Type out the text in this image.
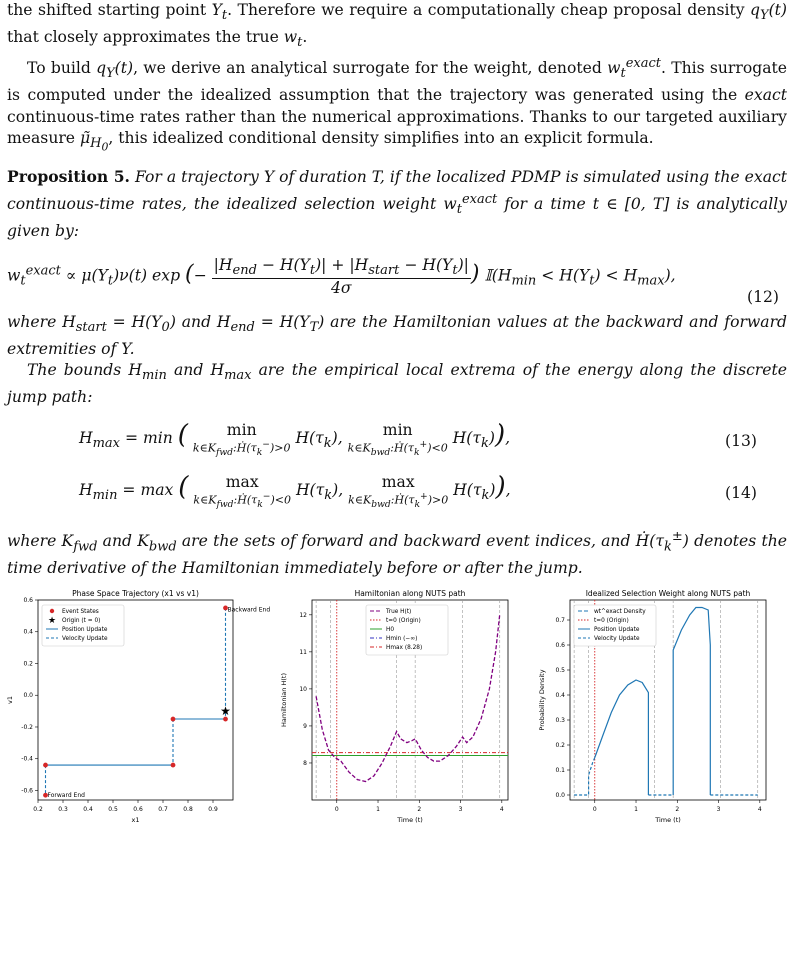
the shifted starting point $Y_t$. Therefore we require a computationally cheap proposal density $q_Y(t)$ that closely approximates the true $w_t$.

To build $q_Y(t)$, we derive an analytical surrogate for the weight, denoted $w_t^{exact}$. This surrogate is computed under the idealized assumption that the trajectory was generated using the exact continuous-time rates rather than the numerical approximations. Thanks to our targeted auxiliary measure $\mũ_{H_0}$, this idealized conditional density simplifies into an explicit formula.

Proposition 5. For a trajectory Y of duration T, if the localized PDMP is simulated using the exact continuous-time rates, the idealized selection weight $w_t^{exact}$ for a time t ∈ [0, T] is analytically given by:

$w_t^{exact} \propto \mu(Y_t)\nu(t)$ exp (−
$|H_{end} - H(Y_t)| + |H_{start} - H(Y_t)|$
4σ
) $𝕀(H_{min} < H(Y_t) < H_{max})$,
(12)

where $H_{start} = H(Y_0)$ and $H_{end} = H(Y_T)$ are the Hamiltonian values at the backward and forward extremities of Y.

The bounds $H_{min}$ and $H_{max}$ are the empirical local extrema of the energy along the discrete jump path:

$H_{max} = \min$ (	min
$k\in K_{fwd}:Ḣ(\tau_k^-)>0$
$H(\tau_k)$,	min
$k\in K_{bwd}:Ḣ(\tau_k^+)<0$
$H(\tau_k)$),	(13)
$H_{min} = \max$ (	max
$k\in K_{fwd}:Ḣ(\tau_k^-)<0$
$H(\tau_k)$,	max
$k\in K_{bwd}:Ḣ(\tau_k^+)>0$
$H(\tau_k)$),	(14)

where $K_{fwd}$ and $K_{bwd}$ are the sets of forward and backward event indices, and $Ḣ(\tau_k^\pm)$ denotes the time derivative of the Hamiltonian immediately before or after the jump.

Phase Space Trajectory (x1 vs v1)
x1
v1
0.2	0.3	0.4	0.5	0.6	0.7	0.8	0.9
-0.6
-0.4
-0.2
0.0
0.2
0.4
0.6
★
Backward End
Forward End
Event States
★ Origin (t = 0)
Position Update
Velocity Update
Hamiltonian along NUTS path
Time (t)
Hamiltonian H(t)
0	1	2	3	4
8
9
10
11
12	True H(t)
t=0 (Origin)
H0
Hmin (−∞)
Hmax (8.28)
Idealized Selection Weight along NUTS path
Time (t)
Probability Density
0	1	2	3	4
0.0
0.1
0.2
0.3
0.4
0.5
0.6
0.7
wt^exact Density
t=0 (Origin)
Position Update
Velocity Update
